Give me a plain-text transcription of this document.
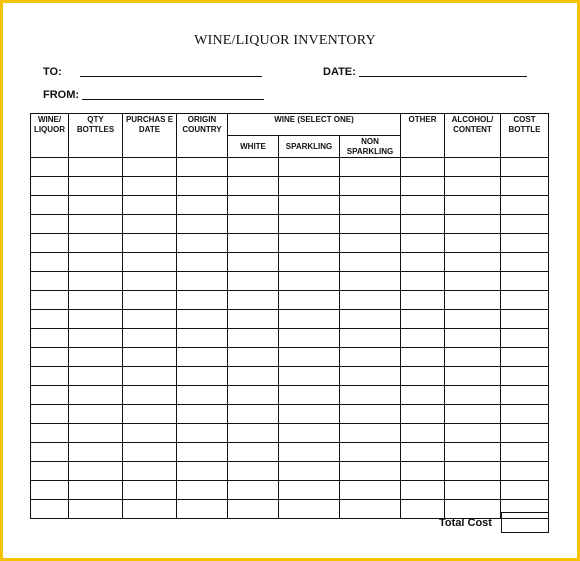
WINE/LIQUOR INVENTORY
TO:	DATE:
FROM:
WINE/ LIQUOR	QTY BOTTLES	PURCHAS E DATE	ORIGIN COUNTRY	WINE (SELECT ONE)			OTHER	ALCOHOL/ CONTENT	COST BOTTLE
				WHITE	SPARKLING	NON SPARKLING			

Total Cost
